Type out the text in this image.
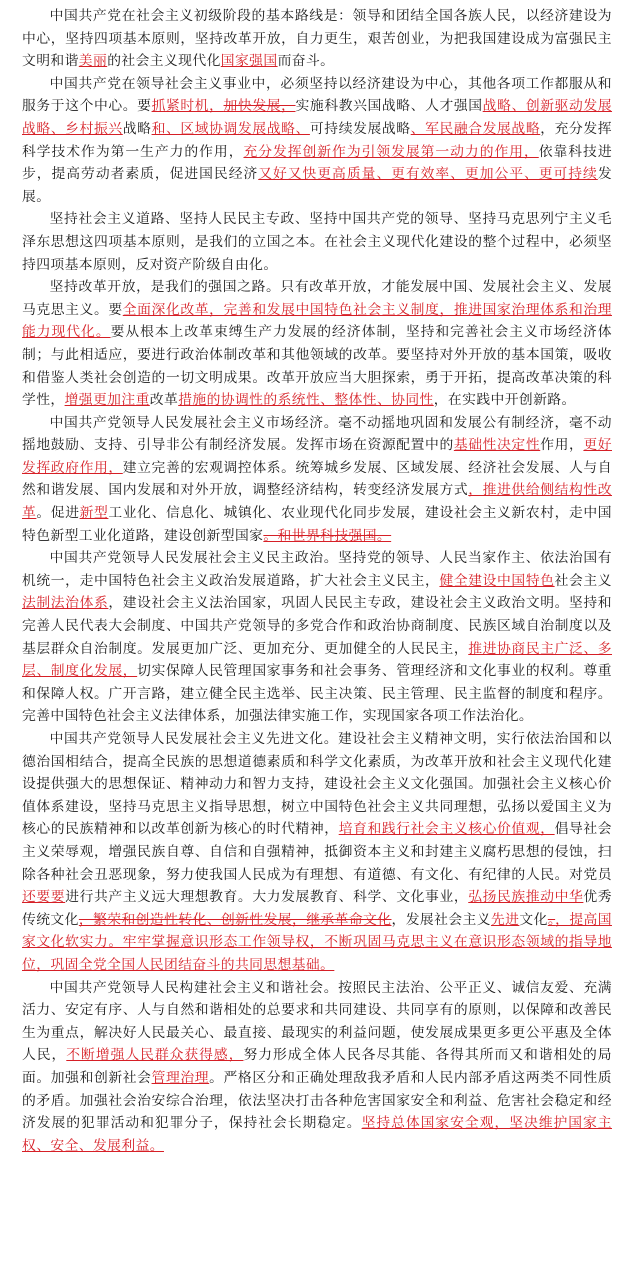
中国共产党在社会主义初级阶段的基本路线是：领导和团结全国各族人民，以经济建设为中心，坚持四项基本原则，坚持改革开放，自力更生，艰苦创业，为把我国建设成为富强民主文明和谐美丽的社会主义现代化国家强国而奋斗。

中国共产党在领导社会主义事业中，必须坚持以经济建设为中心，其他各项工作都服从和服务于这个中心。要抓紧时机，加快发展，实施科教兴国战略、人才强国战略、创新驱动发展战略、乡村振兴战略和、区域协调发展战略、可持续发展战略、军民融合发展战略，充分发挥科学技术作为第一生产力的作用，充分发挥创新作为引领发展第一动力的作用，依靠科技进步，提高劳动者素质，促进国民经济又好又快更高质量、更有效率、更加公平、更可持续发展。

坚持社会主义道路、坚持人民民主专政、坚持中国共产党的领导、坚持马克思列宁主义毛泽东思想这四项基本原则，是我们的立国之本。在社会主义现代化建设的整个过程中，必须坚持四项基本原则，反对资产阶级自由化。

坚持改革开放，是我们的强国之路。只有改革开放，才能发展中国、发展社会主义、发展马克思主义。要全面深化改革，完善和发展中国特色社会主义制度，推进国家治理体系和治理能力现代化。要从根本上改革束缚生产力发展的经济体制，坚持和完善社会主义市场经济体制；与此相适应，要进行政治体制改革和其他领域的改革。要坚持对外开放的基本国策，吸收和借鉴人类社会创造的一切文明成果。改革开放应当大胆探索，勇于开拓，提高改革决策的科学性，增强更加注重改革措施的协调性的系统性、整体性、协同性，在实践中开创新路。

中国共产党领导人民发展社会主义市场经济。毫不动摇地巩固和发展公有制经济，毫不动摇地鼓励、支持、引导非公有制经济发展。发挥市场在资源配置中的基础性决定性作用，更好发挥政府作用，建立完善的宏观调控体系。统筹城乡发展、区域发展、经济社会发展、人与自然和谐发展、国内发展和对外开放，调整经济结构，转变经济发展方式，推进供给侧结构性改革。促进新型工业化、信息化、城镇化、农业现代化同步发展，建设社会主义新农村，走中国特色新型工业化道路，建设创新型国家。和世界科技强国。

中国共产党领导人民发展社会主义民主政治。坚持党的领导、人民当家作主、依法治国有机统一，走中国特色社会主义政治发展道路，扩大社会主义民主，健全建设中国特色社会主义法制法治体系，建设社会主义法治国家，巩固人民民主专政，建设社会主义政治文明。坚持和完善人民代表大会制度、中国共产党领导的多党合作和政治协商制度、民族区域自治制度以及基层群众自治制度。发展更加广泛、更加充分、更加健全的人民民主，推进协商民主广泛、多层、制度化发展，切实保障人民管理国家事务和社会事务、管理经济和文化事业的权利。尊重和保障人权。广开言路，建立健全民主选举、民主决策、民主管理、民主监督的制度和程序。完善中国特色社会主义法律体系，加强法律实施工作，实现国家各项工作法治化。

中国共产党领导人民发展社会主义先进文化。建设社会主义精神文明，实行依法治国和以德治国相结合，提高全民族的思想道德素质和科学文化素质，为改革开放和社会主义现代化建设提供强大的思想保证、精神动力和智力支持，建设社会主义文化强国。加强社会主义核心价值体系建设，坚持马克思主义指导思想，树立中国特色社会主义共同理想，弘扬以爱国主义为核心的民族精神和以改革创新为核心的时代精神，培育和践行社会主义核心价值观，倡导社会主义荣辱观，增强民族自尊、自信和自强精神，抵御资本主义和封建主义腐朽思想的侵蚀，扫除各种社会丑恶现象，努力使我国人民成为有理想、有道德、有文化、有纪律的人民。对党员还要要进行共产主义远大理想教育。大力发展教育、科学、文化事业，弘扬民族推动中华优秀传统文化，繁荣和创造性转化、创新性发展，继承革命文化，发展社会主义先进文化。，提高国家文化软实力。牢牢掌握意识形态工作领导权，不断巩固马克思主义在意识形态领域的指导地位，巩固全党全国人民团结奋斗的共同思想基础。

中国共产党领导人民构建社会主义和谐社会。按照民主法治、公平正义、诚信友爱、充满活力、安定有序、人与自然和谐相处的总要求和共同建设、共同享有的原则，以保障和改善民生为重点，解决好人民最关心、最直接、最现实的利益问题，使发展成果更多更公平惠及全体人民，不断增强人民群众获得感，努力形成全体人民各尽其能、各得其所而又和谐相处的局面。加强和创新社会管理治理。严格区分和正确处理敌我矛盾和人民内部矛盾这两类不同性质的矛盾。加强社会治安综合治理，依法坚决打击各种危害国家安全和利益、危害社会稳定和经济发展的犯罪活动和犯罪分子，保持社会长期稳定。坚持总体国家安全观，坚决维护国家主权、安全、发展利益。
